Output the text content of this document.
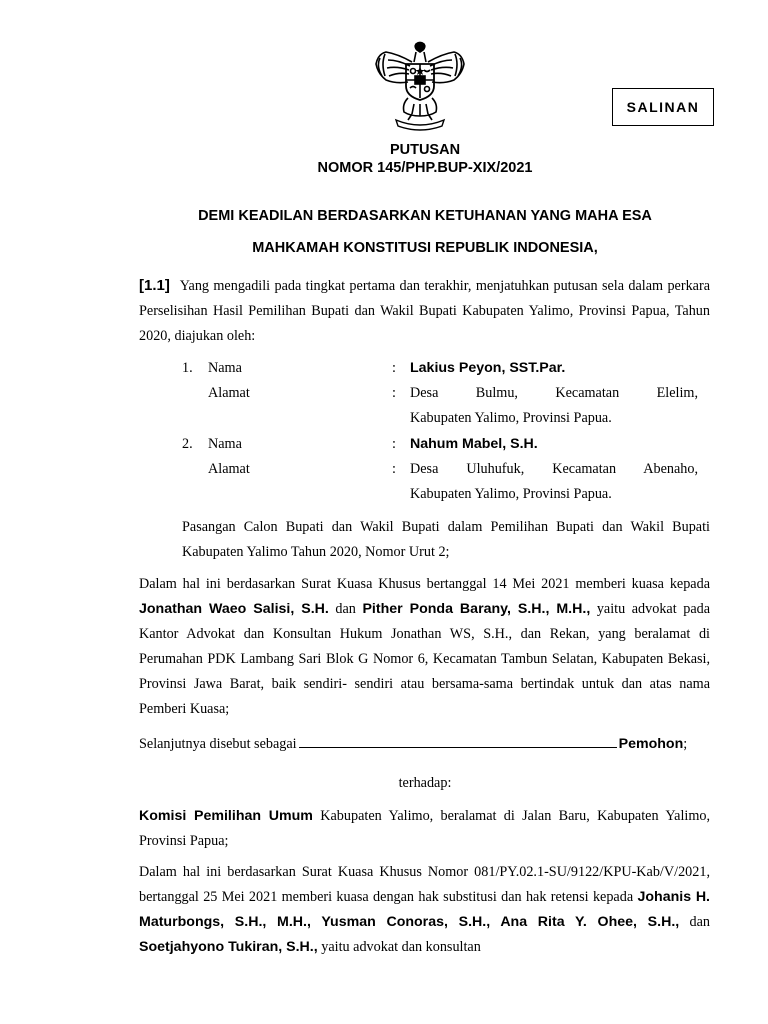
SALINAN
PUTUSAN
NOMOR 145/PHP.BUP-XIX/2021
DEMI KEADILAN BERDASARKAN KETUHANAN YANG MAHA ESA
MAHKAMAH KONSTITUSI REPUBLIK INDONESIA,
[1.1] Yang mengadili pada tingkat pertama dan terakhir, menjatuhkan putusan sela dalam perkara Perselisihan Hasil Pemilihan Bupati dan Wakil Bupati Kabupaten Yalimo, Provinsi Papua, Tahun 2020, diajukan oleh:
1. Nama	: Lakius Peyon, SST.Par.
Alamat	: Desa Bulmu, Kecamatan Elelim,
Kabupaten Yalimo, Provinsi Papua.
2. Nama	: Nahum Mabel, S.H.
Alamat	: Desa Uluhufuk, Kecamatan Abenaho,
Kabupaten Yalimo, Provinsi Papua.
Pasangan Calon Bupati dan Wakil Bupati dalam Pemilihan Bupati dan Wakil Bupati Kabupaten Yalimo Tahun 2020, Nomor Urut 2;
Dalam hal ini berdasarkan Surat Kuasa Khusus bertanggal 14 Mei 2021 memberi kuasa kepada Jonathan Waeo Salisi, S.H. dan Pither Ponda Barany, S.H., M.H., yaitu advokat pada Kantor Advokat dan Konsultan Hukum Jonathan WS, S.H., dan Rekan, yang beralamat di Perumahan PDK Lambang Sari Blok G Nomor 6, Kecamatan Tambun Selatan, Kabupaten Bekasi, Provinsi Jawa Barat, baik sendiri- sendiri atau bersama-sama bertindak untuk dan atas nama Pemberi Kuasa;
Selanjutnya disebut sebagai	Pemohon;
terhadap:
Komisi Pemilihan Umum Kabupaten Yalimo, beralamat di Jalan Baru, Kabupaten Yalimo, Provinsi Papua;
Dalam hal ini berdasarkan Surat Kuasa Khusus Nomor 081/PY.02.1-SU/9122/KPU-Kab/V/2021, bertanggal 25 Mei 2021 memberi kuasa dengan hak substitusi dan hak retensi kepada Johanis H. Maturbongs, S.H., M.H., Yusman Conoras, S.H., Ana Rita Y. Ohee, S.H., dan Soetjahyono Tukiran, S.H., yaitu advokat dan konsultan
